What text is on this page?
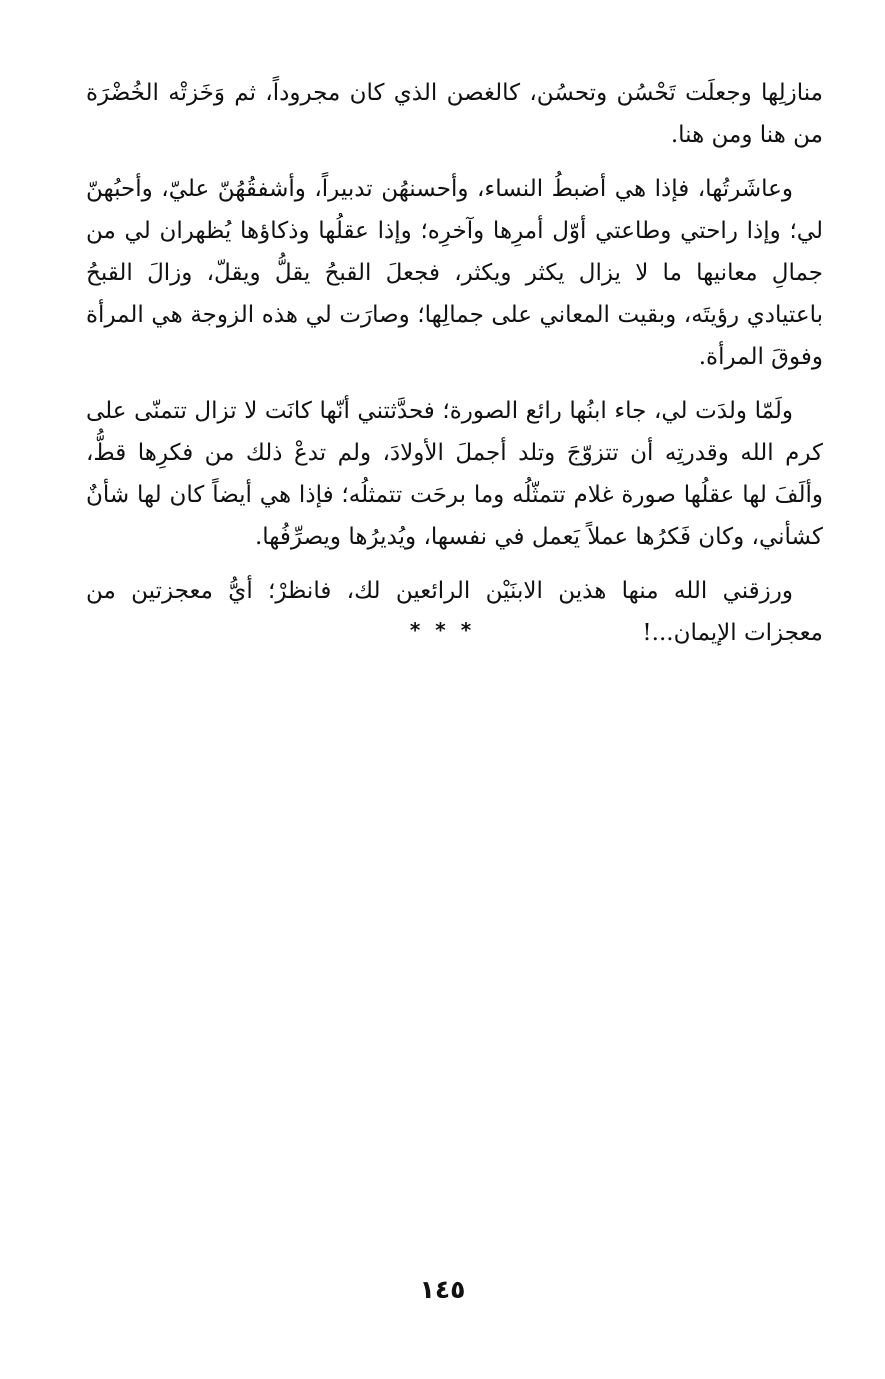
منازلِها وجعلَت تَحْسُن وتحسُن، كالغصن الذي كان مجروداً، ثم وَخَزتْه الخُضْرَة من هنا ومن هنا.

وعاشَرتُها، فإذا هي أضبطُ النساء، وأحسنهُن تدبيراً، وأشفقُهُنّ عليّ، وأحبُهنّ لي؛ وإذا راحتي وطاعتي أوّل أمرِها وآخرِه؛ وإذا عقلُها وذكاؤها يُظهران لي من جمالِ معانيها ما لا يزال يكثر ويكثر، فجعلَ القبحُ يقلُّ ويقلّ، وزالَ القبحُ باعتيادي رؤيتَه، وبقيت المعاني على جمالِها؛ وصارَت لي هذه الزوجة هي المرأة وفوقَ المرأة.

ولَمّا ولدَت لي، جاء ابنُها رائع الصورة؛ فحدَّثتني أنّها كانَت لا تزال تتمنّى على كرم الله وقدرتِه أن تتزوّجَ وتلد أجملَ الأولادَ، ولم تدعْ ذلك من فكرِها قطُّ، وألَفَ لها عقلُها صورة غلام تتمثّلُه وما برحَت تتمثلُه؛ فإذا هي أيضاً كان لها شأنٌ كشأني، وكان فَكرُها عملاً يَعمل في نفسها، ويُديرُها ويصرِّفُها.

ورزقني الله منها هذين الابنَيْن الرائعين لك، فانظرْ؛ أيُّ معجزتين من معجزات الإيمان...!

* * *
١٤٥
